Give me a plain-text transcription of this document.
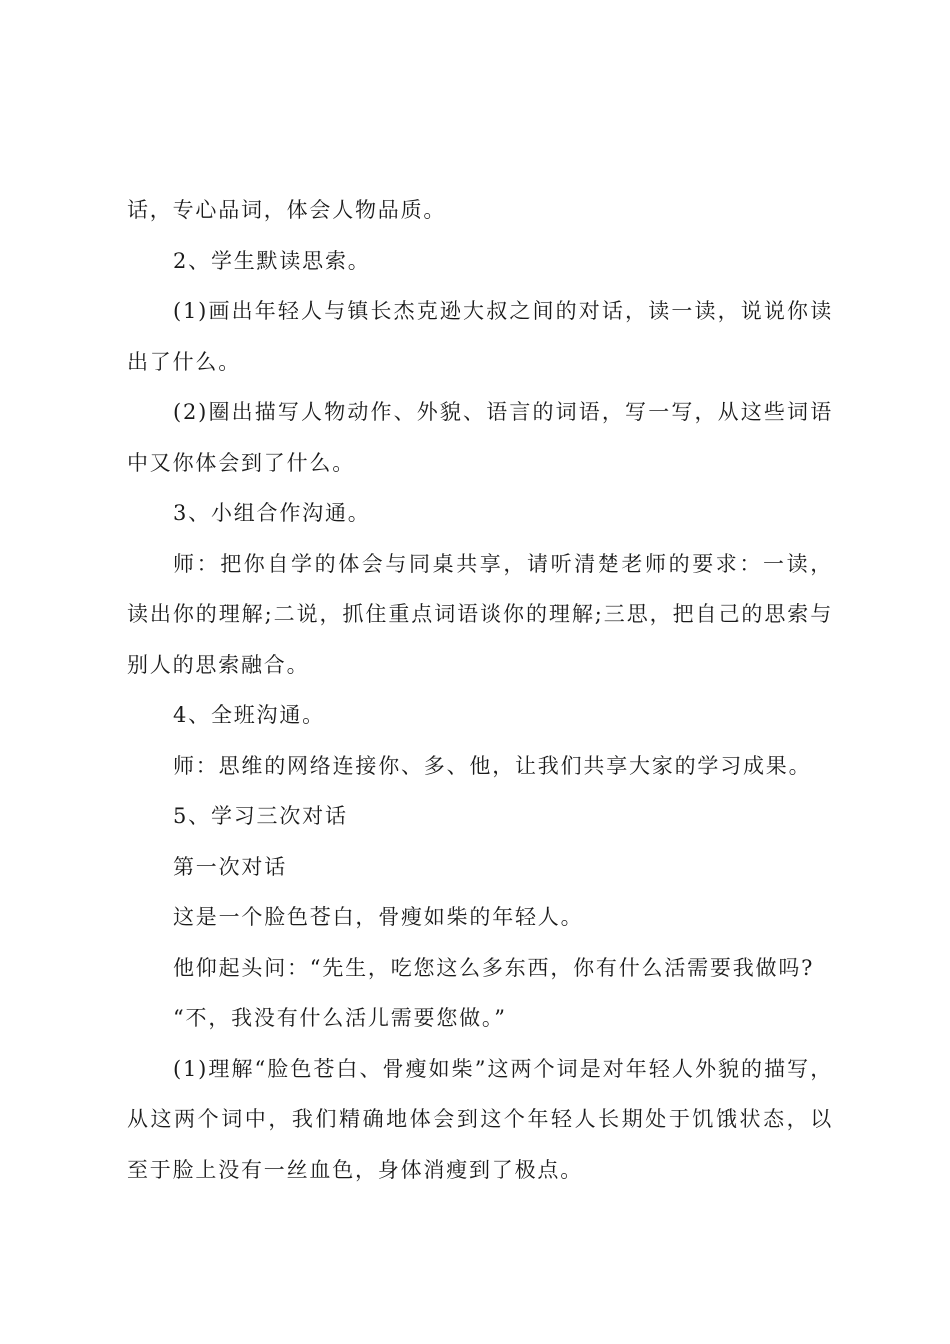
话，专心品词，体会人物品质。

2、学生默读思索。

(1)画出年轻人与镇长杰克逊大叔之间的对话，读一读，说说你读出了什么。

(2)圈出描写人物动作、外貌、语言的词语，写一写，从这些词语中又你体会到了什么。

3、小组合作沟通。

师：把你自学的体会与同桌共享，请听清楚老师的要求：一读，读出你的理解;二说，抓住重点词语谈你的理解;三思，把自己的思索与别人的思索融合。

4、全班沟通。

师：思维的网络连接你、多、他，让我们共享大家的学习成果。

5、学习三次对话

第一次对话

这是一个脸色苍白，骨瘦如柴的年轻人。

他仰起头问：“先生，吃您这么多东西，你有什么活需要我做吗?

“不，我没有什么活儿需要您做。”

(1)理解“脸色苍白、骨瘦如柴”这两个词是对年轻人外貌的描写，从这两个词中，我们精确地体会到这个年轻人长期处于饥饿状态，以至于脸上没有一丝血色，身体消瘦到了极点。
